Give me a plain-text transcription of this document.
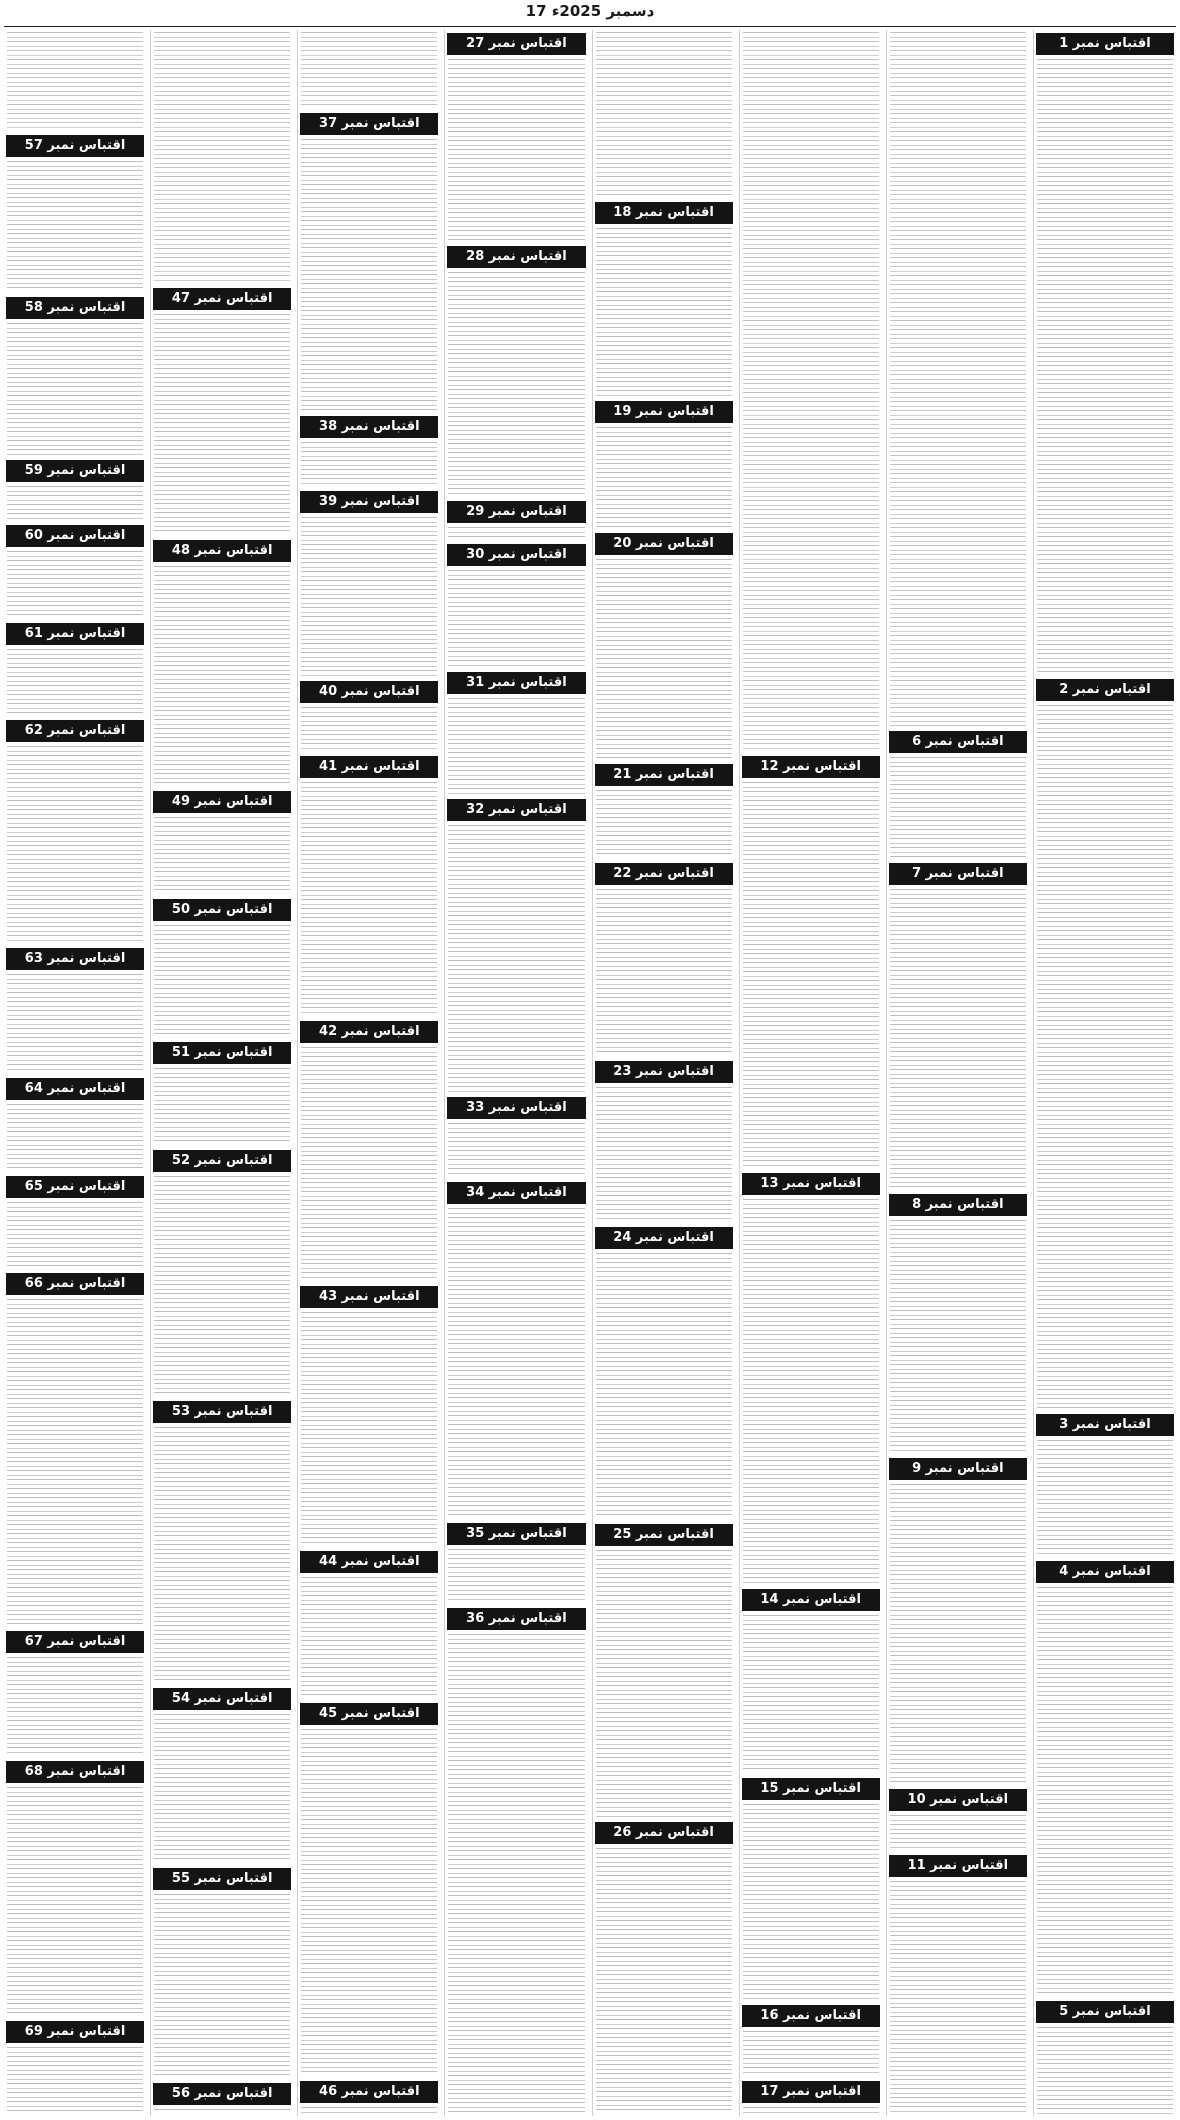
17 دسمبر 2025ء
اقتباس نمبر 1
اقتباس نمبر 2
اقتباس نمبر 3
اقتباس نمبر 4
اقتباس نمبر 5
اقتباس نمبر 6
اقتباس نمبر 7
اقتباس نمبر 8
اقتباس نمبر 9
اقتباس نمبر 10
اقتباس نمبر 11
اقتباس نمبر 12
اقتباس نمبر 13
اقتباس نمبر 14
اقتباس نمبر 15
اقتباس نمبر 16
اقتباس نمبر 17
اقتباس نمبر 18
اقتباس نمبر 19
اقتباس نمبر 20
اقتباس نمبر 21
اقتباس نمبر 22
اقتباس نمبر 23
اقتباس نمبر 24
اقتباس نمبر 25
اقتباس نمبر 26
اقتباس نمبر 27
اقتباس نمبر 28
اقتباس نمبر 29
اقتباس نمبر 30
اقتباس نمبر 31
اقتباس نمبر 32
اقتباس نمبر 33
اقتباس نمبر 34
اقتباس نمبر 35
اقتباس نمبر 36
اقتباس نمبر 37
اقتباس نمبر 38
اقتباس نمبر 39
اقتباس نمبر 40
اقتباس نمبر 41
اقتباس نمبر 42
اقتباس نمبر 43
اقتباس نمبر 44
اقتباس نمبر 45
اقتباس نمبر 46
اقتباس نمبر 47
اقتباس نمبر 48
اقتباس نمبر 49
اقتباس نمبر 50
اقتباس نمبر 51
اقتباس نمبر 52
اقتباس نمبر 53
اقتباس نمبر 54
اقتباس نمبر 55
اقتباس نمبر 56
اقتباس نمبر 57
اقتباس نمبر 58
اقتباس نمبر 59
اقتباس نمبر 60
اقتباس نمبر 61
اقتباس نمبر 62
اقتباس نمبر 63
اقتباس نمبر 64
اقتباس نمبر 65
اقتباس نمبر 66
اقتباس نمبر 67
اقتباس نمبر 68
اقتباس نمبر 69
